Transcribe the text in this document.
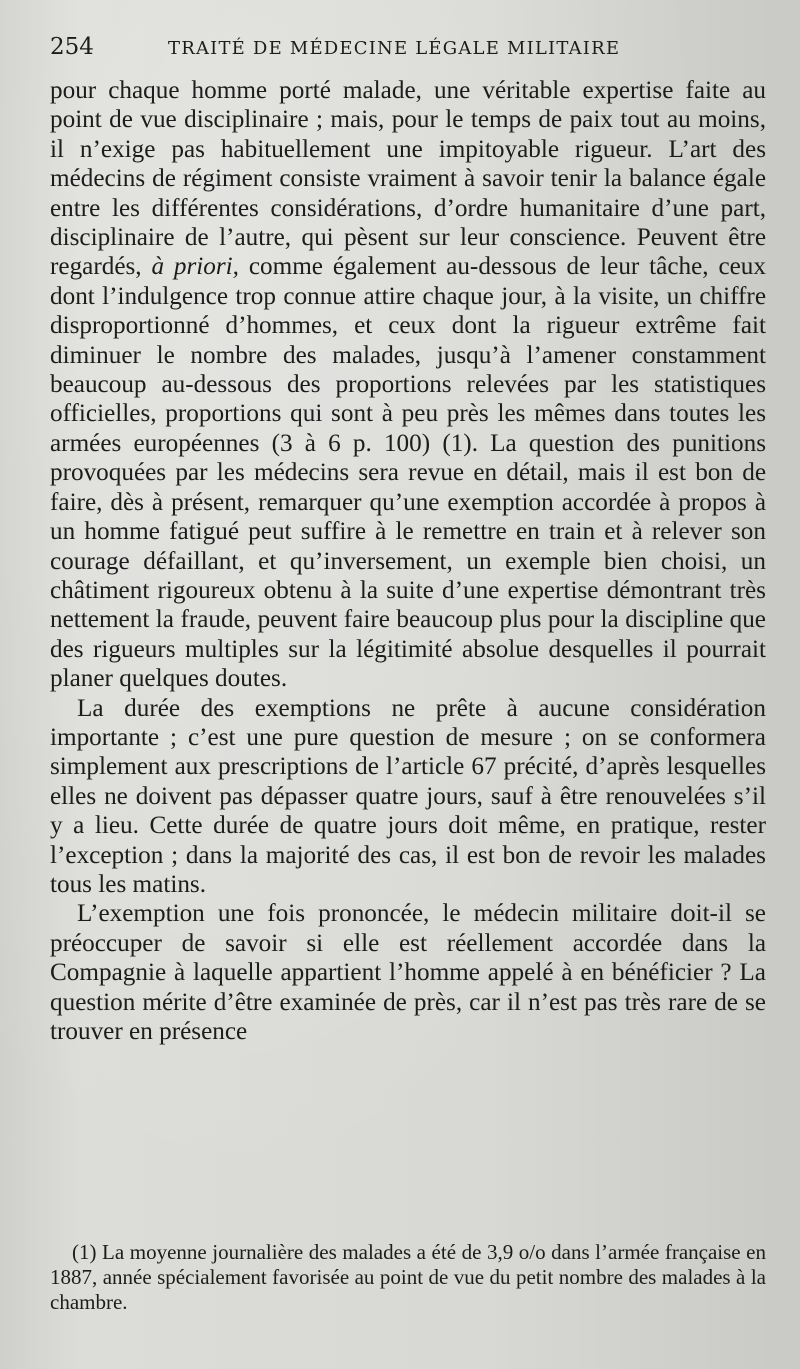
254	TRAITÉ DE MÉDECINE LÉGALE MILITAIRE

pour chaque homme porté malade, une véritable expertise faite au point de vue disciplinaire ; mais, pour le temps de paix tout au moins, il n’exige pas habituellement une impitoyable rigueur. L’art des médecins de régiment consiste vraiment à savoir tenir la balance égale entre les différentes considérations, d’ordre humanitaire d’une part, disciplinaire de l’autre, qui pèsent sur leur conscience. Peuvent être regardés, à priori, comme également au-dessous de leur tâche, ceux dont l’indulgence trop connue attire chaque jour, à la visite, un chiffre disproportionné d’hommes, et ceux dont la rigueur extrême fait diminuer le nombre des malades, jusqu’à l’amener constamment beaucoup au-dessous des proportions relevées par les statistiques officielles, proportions qui sont à peu près les mêmes dans toutes les armées européennes (3 à 6 p. 100) (1). La question des punitions provoquées par les médecins sera revue en détail, mais il est bon de faire, dès à présent, remarquer qu’une exemption accordée à propos à un homme fatigué peut suffire à le remettre en train et à relever son courage défaillant, et qu’inversement, un exemple bien choisi, un châtiment rigoureux obtenu à la suite d’une expertise démontrant très nettement la fraude, peuvent faire beaucoup plus pour la discipline que des rigueurs multiples sur la légitimité absolue desquelles il pourrait planer quelques doutes.

La durée des exemptions ne prête à aucune considération importante ; c’est une pure question de mesure ; on se conformera simplement aux prescriptions de l’article 67 précité, d’après lesquelles elles ne doivent pas dépasser quatre jours, sauf à être renouvelées s’il y a lieu. Cette durée de quatre jours doit même, en pratique, rester l’exception ; dans la majorité des cas, il est bon de revoir les malades tous les matins.

L’exemption une fois prononcée, le médecin militaire doit-il se préoccuper de savoir si elle est réellement accordée dans la Compagnie à laquelle appartient l’homme appelé à en bénéficier ? La question mérite d’être examinée de près, car il n’est pas très rare de se trouver en présence

(1) La moyenne journalière des malades a été de 3,9 o/o dans l’armée française en 1887, année spécialement favorisée au point de vue du petit nombre des malades à la chambre.
